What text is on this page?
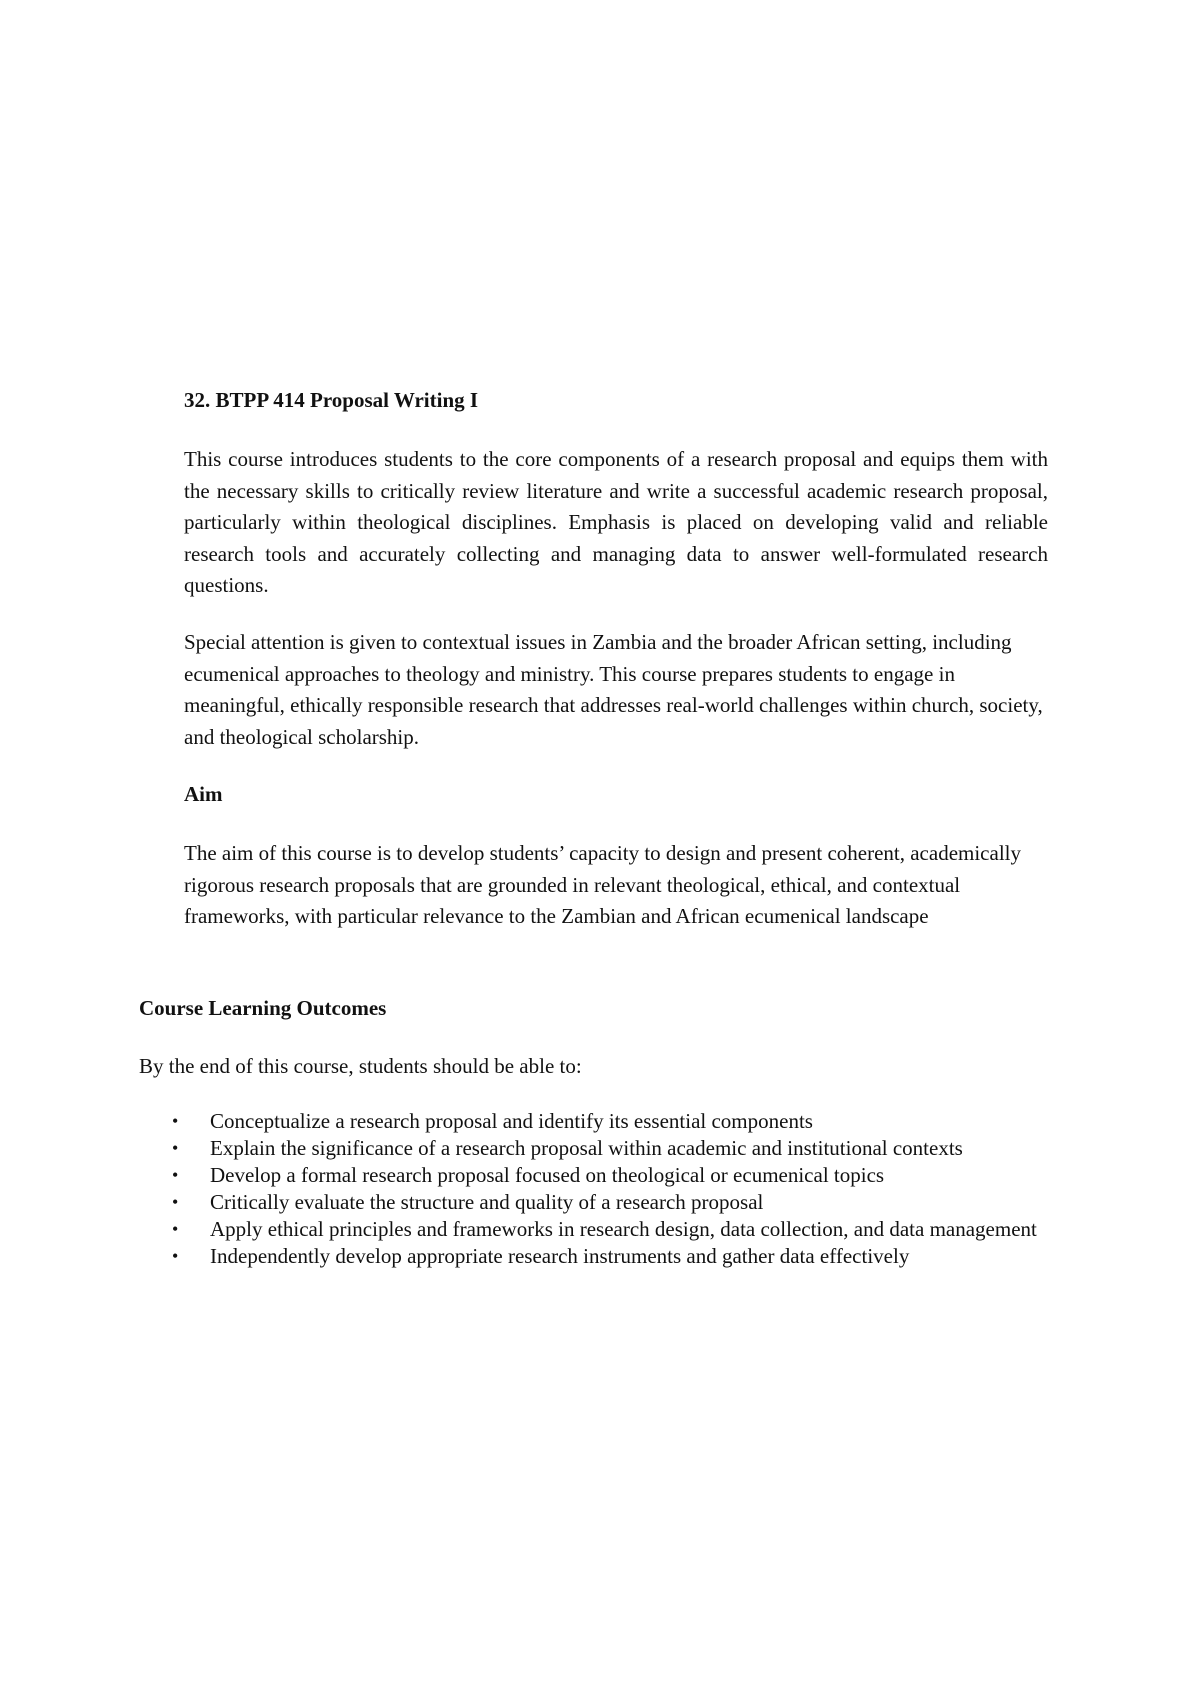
32. BTPP 414 Proposal Writing I

This course introduces students to the core components of a research proposal and equips them with the necessary skills to critically review literature and write a successful academic research proposal, particularly within theological disciplines. Emphasis is placed on developing valid and reliable research tools and accurately collecting and managing data to answer well-formulated research questions.

Special attention is given to contextual issues in Zambia and the broader African setting, including ecumenical approaches to theology and ministry. This course prepares students to engage in meaningful, ethically responsible research that addresses real-world challenges within church, society, and theological scholarship.

Aim

The aim of this course is to develop students’ capacity to design and present coherent, academically rigorous research proposals that are grounded in relevant theological, ethical, and contextual frameworks, with particular relevance to the Zambian and African ecumenical landscape

Course Learning Outcomes

By the end of this course, students should be able to:

• Conceptualize a research proposal and identify its essential components
• Explain the significance of a research proposal within academic and institutional contexts
• Develop a formal research proposal focused on theological or ecumenical topics
• Critically evaluate the structure and quality of a research proposal
• Apply ethical principles and frameworks in research design, data collection, and data management
• Independently develop appropriate research instruments and gather data effectively
